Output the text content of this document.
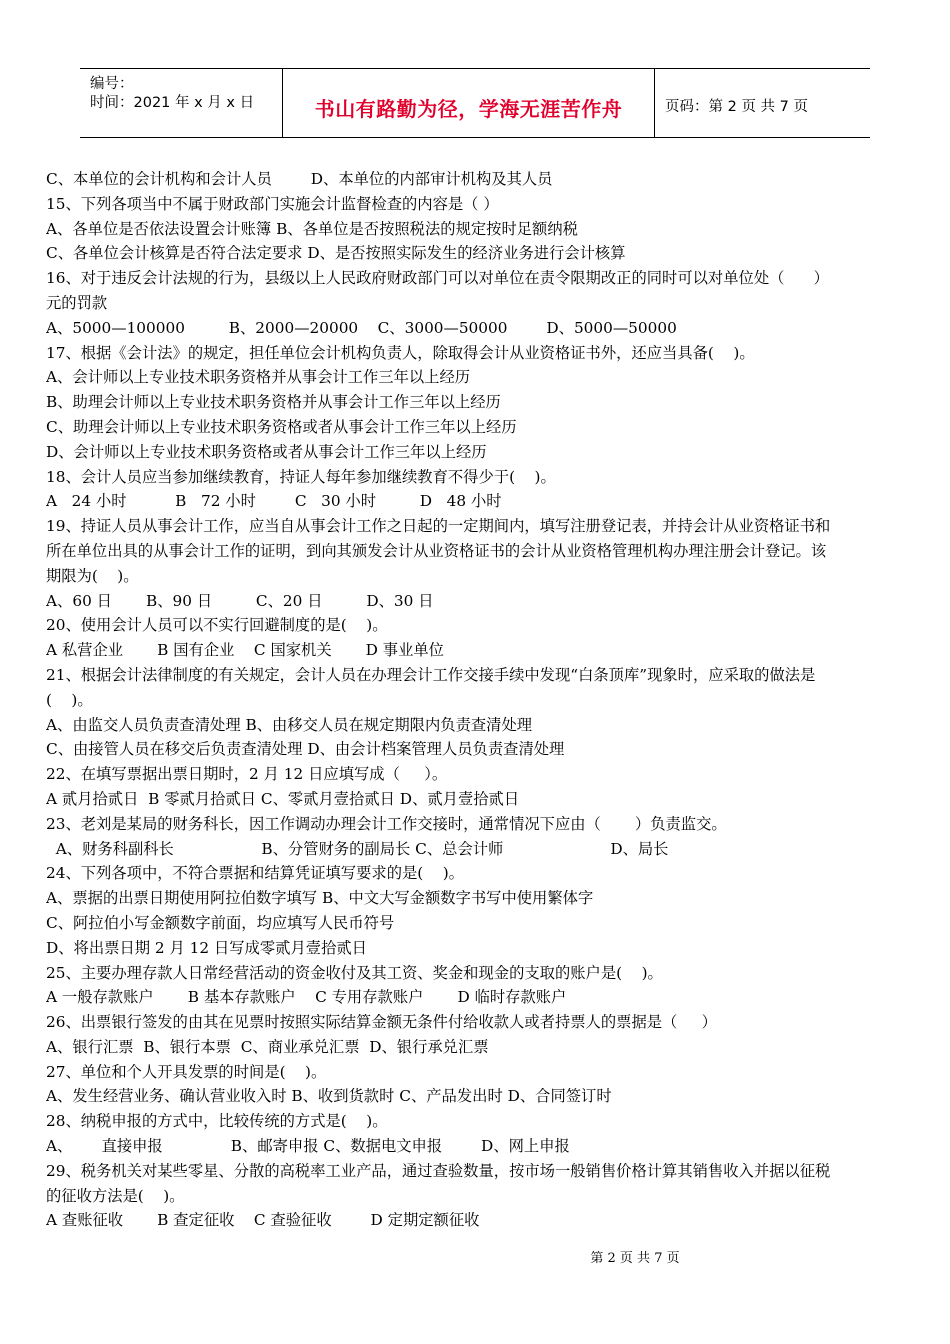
编号：
时间：2021 年 x 月 x 日	书山有路勤为径，学海无涯苦作舟	页码：第 2 页 共 7 页
C、本单位的会计机构和会计人员        D、本单位的内部审计机构及其人员
15、下列各项当中不属于财政部门实施会计监督检查的内容是（ ）
A、各单位是否依法设置会计账簿 B、各单位是否按照税法的规定按时足额纳税
C、各单位会计核算是否符合法定要求 D、是否按照实际发生的经济业务进行会计核算
16、对于违反会计法规的行为，县级以上人民政府财政部门可以对单位在责令限期改正的同时可以对单位处（      ）
元的罚款
A、5000—100000         B、2000—20000    C、3000—50000        D、5000—50000
17、根据《会计法》的规定，担任单位会计机构负责人，除取得会计从业资格证书外，还应当具备(    )。
A、会计师以上专业技术职务资格并从事会计工作三年以上经历
B、助理会计师以上专业技术职务资格并从事会计工作三年以上经历
C、助理会计师以上专业技术职务资格或者从事会计工作三年以上经历
D、会计师以上专业技术职务资格或者从事会计工作三年以上经历
18、会计人员应当参加继续教育，持证人每年参加继续教育不得少于(    )。
A   24 小时          B   72 小时        C   30 小时         D   48 小时
19、持证人员从事会计工作，应当自从事会计工作之日起的一定期间内，填写注册登记表，并持会计从业资格证书和
所在单位出具的从事会计工作的证明，到向其颁发会计从业资格证书的会计从业资格管理机构办理注册会计登记。该
期限为(    )。
A、60 日       B、90 日         C、20 日         D、30 日
20、使用会计人员可以不实行回避制度的是(    )。
A 私营企业       B 国有企业    C 国家机关       D 事业单位
21、根据会计法律制度的有关规定，会计人员在办理会计工作交接手续中发现“白条顶库”现象时，应采取的做法是
(    )。
A、由监交人员负责查清处理 B、由移交人员在规定期限内负责查清处理
C、由接管人员在移交后负责查清处理 D、由会计档案管理人员负责查清处理
22、在填写票据出票日期时，2 月 12 日应填写成（     ）。
A 贰月拾贰日  B 零贰月拾贰日 C、零贰月壹拾贰日 D、贰月壹拾贰日
23、老刘是某局的财务科长，因工作调动办理会计工作交接时，通常情况下应由（       ）负责监交。
A、财务科副科长                  B、分管财务的副局长 C、总会计师                      D、局长
24、下列各项中，不符合票据和结算凭证填写要求的是(    )。
A、票据的出票日期使用阿拉伯数字填写 B、中文大写金额数字书写中使用繁体字
C、阿拉伯小写金额数字前面，均应填写人民币符号
D、将出票日期 2 月 12 日写成零贰月壹拾贰日
25、主要办理存款人日常经营活动的资金收付及其工资、奖金和现金的支取的账户是(    )。
A 一般存款账户       B 基本存款账户    C 专用存款账户       D 临时存款账户
26、出票银行签发的由其在见票时按照实际结算金额无条件付给收款人或者持票人的票据是（     ）
A、银行汇票  B、银行本票  C、商业承兑汇票  D、银行承兑汇票
27、单位和个人开具发票的时间是(    )。
A、发生经营业务、确认营业收入时 B、收到货款时 C、产品发出时 D、合同签订时
28、纳税申报的方式中，比较传统的方式是(    )。
A、      直接申报              B、邮寄申报 C、数据电文申报        D、网上申报
29、税务机关对某些零星、分散的高税率工业产品，通过查验数量，按市场一般销售价格计算其销售收入并据以征税
的征收方法是(    )。
A 查账征收       B 查定征收    C 查验征收        D 定期定额征收
第 2 页 共 7 页
